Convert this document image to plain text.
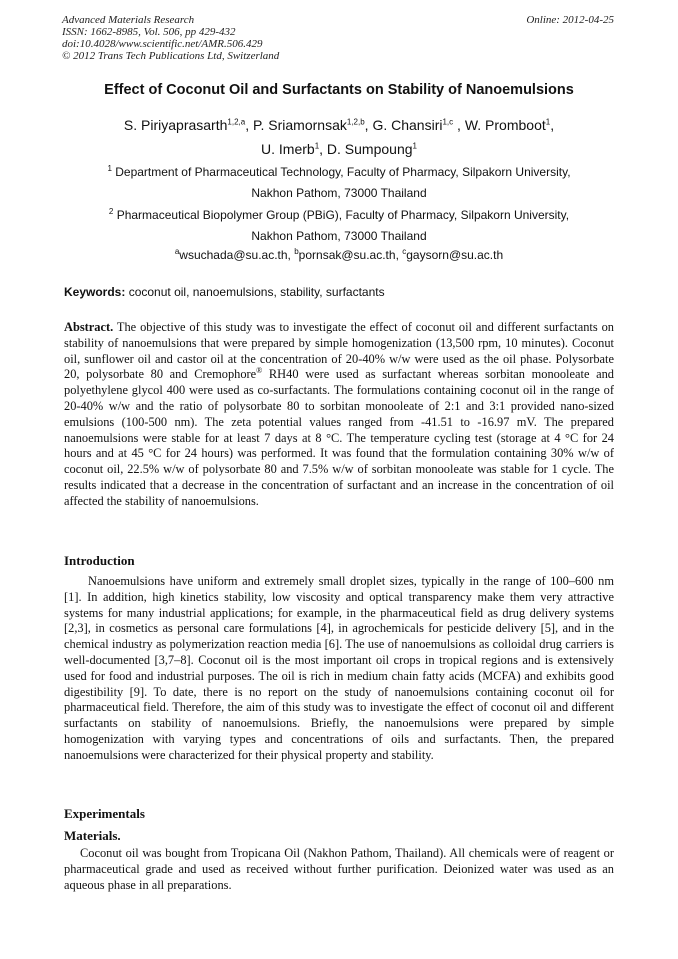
Advanced Materials Research
ISSN: 1662-8985, Vol. 506, pp 429-432
doi:10.4028/www.scientific.net/AMR.506.429
© 2012 Trans Tech Publications Ltd, Switzerland
Online: 2012-04-25
Effect of Coconut Oil and Surfactants on Stability of Nanoemulsions
S. Piriyaprasarth$^{1,2,a}$, P. Sriamornsak$^{1,2,b}$, G. Chansiri$^{1,c}$ , W. Promboot$^1$,
U. Imerb$^1$, D. Sumpoung$^1$
$^1$ Department of Pharmaceutical Technology, Faculty of Pharmacy, Silpakorn University,
Nakhon Pathom, 73000 Thailand
$^2$ Pharmaceutical Biopolymer Group (PBiG), Faculty of Pharmacy, Silpakorn University,
Nakhon Pathom, 73000 Thailand
$^a$wsuchada@su.ac.th, $^b$pornsak@su.ac.th, $^c$gaysorn@su.ac.th
Keywords: coconut oil, nanoemulsions, stability, surfactants
Abstract. The objective of this study was to investigate the effect of coconut oil and different surfactants on stability of nanoemulsions that were prepared by simple homogenization (13,500 rpm, 10 minutes). Coconut oil, sunflower oil and castor oil at the concentration of 20-40% w/w were used as the oil phase. Polysorbate 20, polysorbate 80 and Cremophore® RH40 were used as surfactant whereas sorbitan monooleate and polyethylene glycol 400 were used as co-surfactants. The formulations containing coconut oil in the range of 20-40% w/w and the ratio of polysorbate 80 to sorbitan monooleate of 2:1 and 3:1 provided nano-sized emulsions (100-500 nm). The zeta potential values ranged from -41.51 to -16.97 mV. The prepared nanoemulsions were stable for at least 7 days at 8 °C. The temperature cycling test (storage at 4 °C for 24 hours and at 45 °C for 24 hours) was performed. It was found that the formulation containing 30% w/w of coconut oil, 22.5% w/w of polysorbate 80 and 7.5% w/w of sorbitan monooleate was stable for 1 cycle. The results indicated that a decrease in the concentration of surfactant and an increase in the concentration of oil affected the stability of nanoemulsions.
Introduction
Nanoemulsions have uniform and extremely small droplet sizes, typically in the range of 100–600 nm [1]. In addition, high kinetics stability, low viscosity and optical transparency make them very attractive systems for many industrial applications; for example, in the pharmaceutical field as drug delivery systems [2,3], in cosmetics as personal care formulations [4], in agrochemicals for pesticide delivery [5], and in the chemical industry as polymerization reaction media [6]. The use of nanoemulsions as colloidal drug carriers is well-documented [3,7–8]. Coconut oil is the most important oil crops in tropical regions and is extensively used for food and industrial purposes. The oil is rich in medium chain fatty acids (MCFA) and exhibits good digestibility [9]. To date, there is no report on the study of nanoemulsions containing coconut oil for pharmaceutical field. Therefore, the aim of this study was to investigate the effect of coconut oil and different surfactants on stability of nanoemulsions. Briefly, the nanoemulsions were prepared by simple homogenization with varying types and concentrations of oils and surfactants. Then, the prepared nanoemulsions were characterized for their physical property and stability.
Experimentals
Materials.
Coconut oil was bought from Tropicana Oil (Nakhon Pathom, Thailand). All chemicals were of reagent or pharmaceutical grade and used as received without further purification. Deionized water was used as an aqueous phase in all preparations.
